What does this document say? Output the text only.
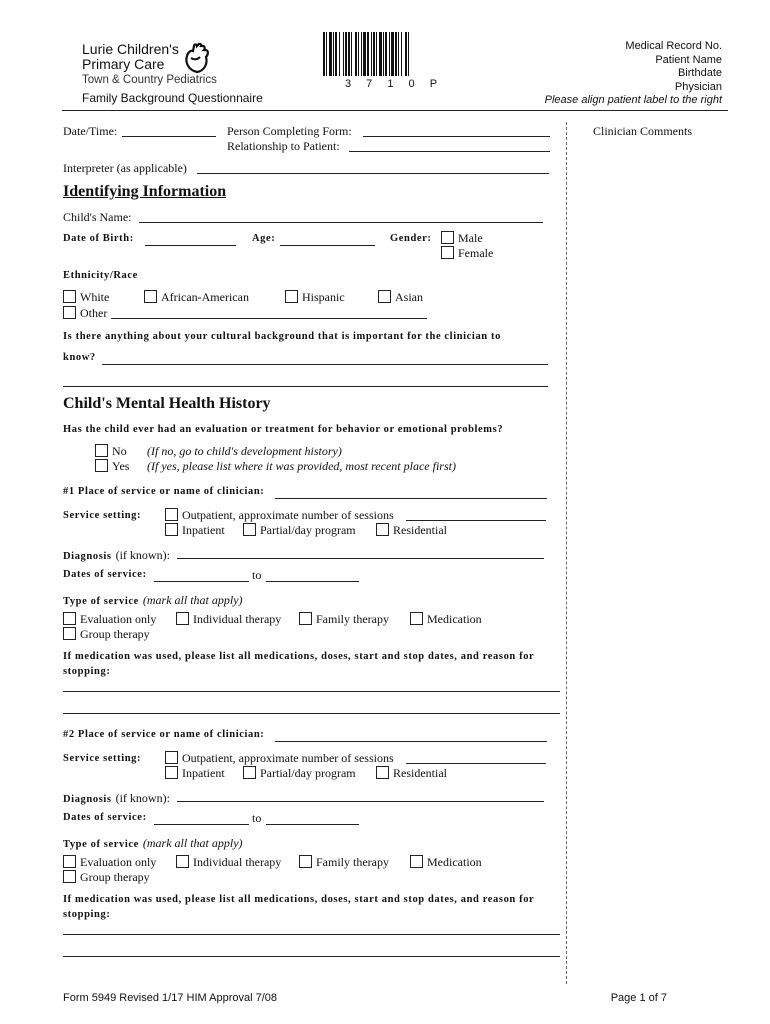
Lurie Children's
Primary Care
Town & Country Pediatrics
Family Background Questionnaire
3 7 1 0 P
Medical Record No.
Patient Name
Birthdate
Physician
Please align patient label to the right
Clinician Comments
Date/Time:	Person Completing Form:
Relationship to Patient:
Interpreter (as applicable)
Identifying Information
Child's Name:
Date of Birth:	Age:	Gender:	Male
Female
Ethnicity/Race
White	African-American	Hispanic	Asian
Other
Is there anything about your cultural background that is important for the clinician to
know?
Child's Mental Health History
Has the child ever had an evaluation or treatment for behavior or emotional problems?
No (If no, go to child's development history)
Yes (If yes, please list where it was provided, most recent place first)
#1 Place of service or name of clinician:
Service setting:	Outpatient, approximate number of sessions
Inpatient	Partial/day program	Residential
Diagnosis (if known):
Dates of service:	to
Type of service (mark all that apply)
Evaluation only	Individual therapy	Family therapy	Medication
Group therapy
If medication was used, please list all medications, doses, start and stop dates, and reason for
stopping:
#2 Place of service or name of clinician:
Service setting:	Outpatient, approximate number of sessions
Inpatient	Partial/day program	Residential
Diagnosis (if known):
Dates of service:	to
Type of service (mark all that apply)
Evaluation only	Individual therapy	Family therapy	Medication
Group therapy
If medication was used, please list all medications, doses, start and stop dates, and reason for
stopping:
Form 5949 Revised 1/17 HIM Approval 7/08	Page 1 of 7
